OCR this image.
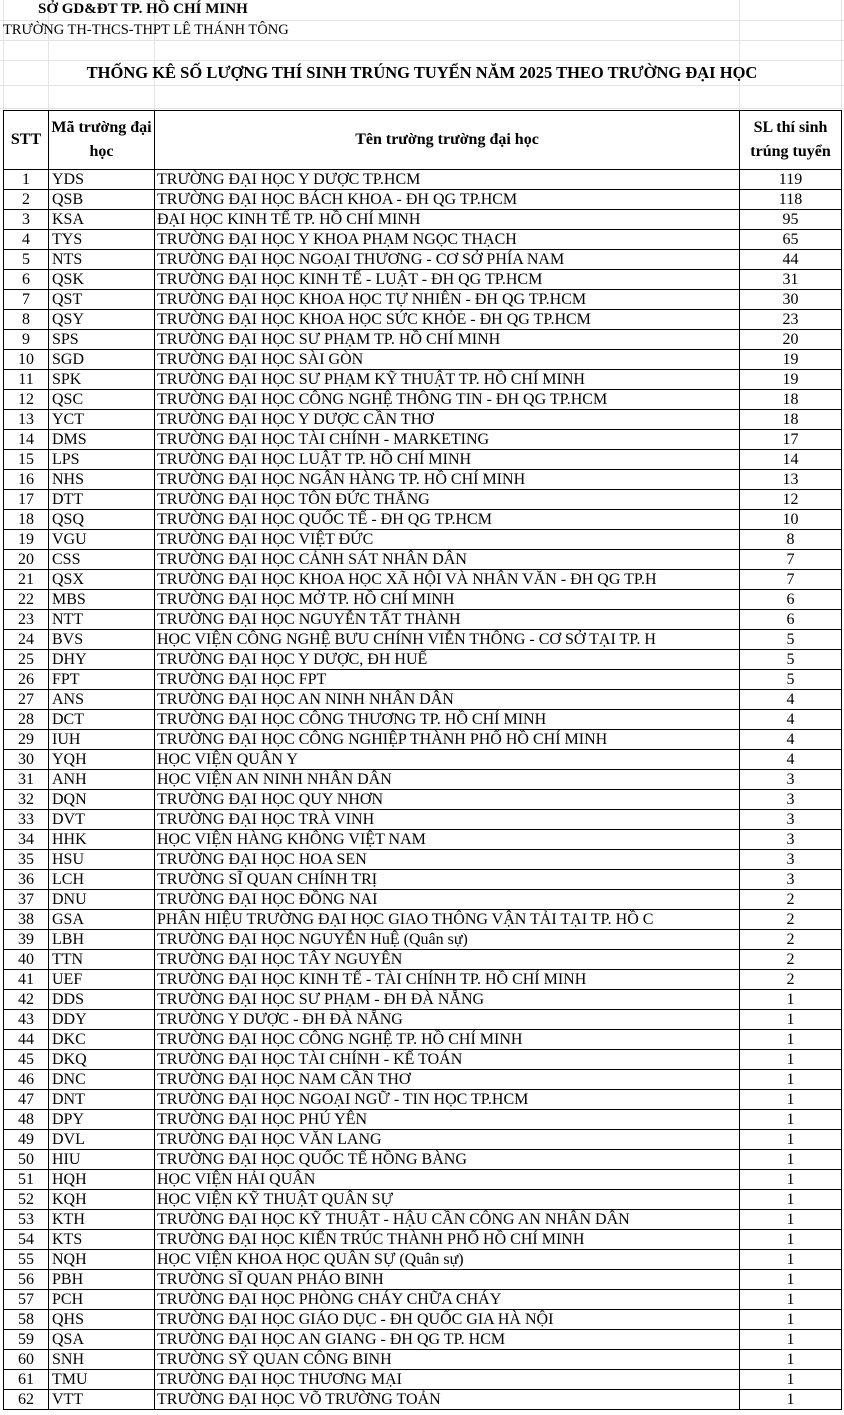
SỞ GD&ĐT TP. HỒ CHÍ MINH
TRƯỜNG TH-THCS-THPT LÊ THÁNH TÔNG
THỐNG KÊ SỐ LƯỢNG THÍ SINH TRÚNG TUYỂN NĂM 2025 THEO TRƯỜNG ĐẠI HỌC
STT	Mã trường đại học	Tên trường trường đại học	SL thí sinh trúng tuyển
1	YDS	TRƯỜNG ĐẠI HỌC Y DƯỢC TP.HCM	119
2	QSB	TRƯỜNG ĐẠI HỌC BÁCH KHOA - ĐH QG TP.HCM	118
3	KSA	ĐẠI HỌC KINH TẾ TP. HỒ CHÍ MINH	95
4	TYS	TRƯỜNG ĐẠI HỌC Y KHOA PHẠM NGỌC THẠCH	65
5	NTS	TRƯỜNG ĐẠI HỌC NGOẠI THƯƠNG - CƠ SỞ PHÍA NAM	44
6	QSK	TRƯỜNG ĐẠI HỌC KINH TẾ - LUẬT - ĐH QG TP.HCM	31
7	QST	TRƯỜNG ĐẠI HỌC KHOA HỌC TỰ NHIÊN - ĐH QG TP.HCM	30
8	QSY	TRƯỜNG ĐẠI HỌC KHOA HỌC SỨC KHỎE - ĐH QG TP.HCM	23
9	SPS	TRƯỜNG ĐẠI HỌC SƯ PHẠM TP. HỒ CHÍ MINH	20
10	SGD	TRƯỜNG ĐẠI HỌC SÀI GÒN	19
11	SPK	TRƯỜNG ĐẠI HỌC SƯ PHẠM KỸ THUẬT TP. HỒ CHÍ MINH	19
12	QSC	TRƯỜNG ĐẠI HỌC CÔNG NGHỆ THÔNG TIN - ĐH QG TP.HCM	18
13	YCT	TRƯỜNG ĐẠI HỌC Y DƯỢC CẦN THƠ	18
14	DMS	TRƯỜNG ĐẠI HỌC TÀI CHÍNH - MARKETING	17
15	LPS	TRƯỜNG ĐẠI HỌC LUẬT TP. HỒ CHÍ MINH	14
16	NHS	TRƯỜNG ĐẠI HỌC NGÂN HÀNG TP. HỒ CHÍ MINH	13
17	DTT	TRƯỜNG ĐẠI HỌC TÔN ĐỨC THẮNG	12
18	QSQ	TRƯỜNG ĐẠI HỌC QUỐC TẾ - ĐH QG TP.HCM	10
19	VGU	TRƯỜNG ĐẠI HỌC VIỆT ĐỨC	8
20	CSS	TRƯỜNG ĐẠI HỌC CẢNH SÁT NHÂN DÂN	7
21	QSX	TRƯỜNG ĐẠI HỌC KHOA HỌC XÃ HỘI VÀ NHÂN VĂN - ĐH QG TP.H	7
22	MBS	TRƯỜNG ĐẠI HỌC MỞ TP. HỒ CHÍ MINH	6
23	NTT	TRƯỜNG ĐẠI HỌC NGUYỄN TẤT THÀNH	6
24	BVS	HỌC VIỆN CÔNG NGHỆ BƯU CHÍNH VIỄN THÔNG - CƠ SỞ TẠI TP. H	5
25	DHY	TRƯỜNG ĐẠI HỌC Y DƯỢC, ĐH HUẾ	5
26	FPT	TRƯỜNG ĐẠI HỌC FPT	5
27	ANS	TRƯỜNG ĐẠI HỌC AN NINH NHÂN DÂN	4
28	DCT	TRƯỜNG ĐẠI HỌC CÔNG THƯƠNG TP. HỒ CHÍ MINH	4
29	IUH	TRƯỜNG ĐẠI HỌC CÔNG NGHIỆP THÀNH PHỐ HỒ CHÍ MINH	4
30	YQH	HỌC VIỆN QUÂN Y	4
31	ANH	HỌC VIỆN AN NINH NHÂN DÂN	3
32	DQN	TRƯỜNG ĐẠI HỌC QUY NHƠN	3
33	DVT	TRƯỜNG ĐẠI HỌC TRÀ VINH	3
34	HHK	HỌC VIỆN HÀNG KHÔNG VIỆT NAM	3
35	HSU	TRƯỜNG ĐẠI HỌC HOA SEN	3
36	LCH	TRƯỜNG SĨ QUAN CHÍNH TRỊ	3
37	DNU	TRƯỜNG ĐẠI HỌC ĐỒNG NAI	2
38	GSA	PHÂN HIỆU TRƯỜNG ĐẠI HỌC GIAO THÔNG VẬN TẢI TẠI TP. HỒ C	2
39	LBH	TRƯỜNG ĐẠI HỌC NGUYỄN HuỆ (Quân sự)	2
40	TTN	TRƯỜNG ĐẠI HỌC TÂY NGUYÊN	2
41	UEF	TRƯỜNG ĐẠI HỌC KINH TẾ - TÀI CHÍNH TP. HỒ CHÍ MINH	2
42	DDS	TRƯỜNG ĐẠI HỌC SƯ PHẠM - ĐH ĐÀ NẴNG	1
43	DDY	TRƯỜNG Y DƯỢC - ĐH ĐÀ NẴNG	1
44	DKC	TRƯỜNG ĐẠI HỌC CÔNG NGHỆ TP. HỒ CHÍ MINH	1
45	DKQ	TRƯỜNG ĐẠI HỌC TÀI CHÍNH - KẾ TOÁN	1
46	DNC	TRƯỜNG ĐẠI HỌC NAM CẦN THƠ	1
47	DNT	TRƯỜNG ĐẠI HỌC NGOẠI NGỮ - TIN HỌC TP.HCM	1
48	DPY	TRƯỜNG ĐẠI HỌC PHÚ YÊN	1
49	DVL	TRƯỜNG ĐẠI HỌC VĂN LANG	1
50	HIU	TRƯỜNG ĐẠI HỌC QUỐC TẾ HỒNG BÀNG	1
51	HQH	HỌC VIỆN HẢI QUÂN	1
52	KQH	HỌC VIỆN KỸ THUẬT QUÂN SỰ	1
53	KTH	TRƯỜNG ĐẠI HỌC KỸ THUẬT - HẬU CẦN CÔNG AN NHÂN DÂN	1
54	KTS	TRƯỜNG ĐẠI HỌC KIẾN TRÚC THÀNH PHỐ HỒ CHÍ MINH	1
55	NQH	HỌC VIỆN KHOA HỌC QUÂN SỰ (Quân sự)	1
56	PBH	TRƯỜNG SĨ QUAN PHÁO BINH	1
57	PCH	TRƯỜNG ĐẠI HỌC PHÒNG CHÁY CHỮA CHÁY	1
58	QHS	TRƯỜNG ĐẠI HỌC GIÁO DỤC - ĐH QUỐC GIA HÀ NỘI	1
59	QSA	TRƯỜNG ĐẠI HỌC AN GIANG - ĐH QG TP. HCM	1
60	SNH	TRƯỜNG SỸ QUAN CÔNG BINH	1
61	TMU	TRƯỜNG ĐẠI HỌC THƯƠNG MẠI	1
62	VTT	TRƯỜNG ĐẠI HỌC VÕ TRƯỜNG TOẢN	1
